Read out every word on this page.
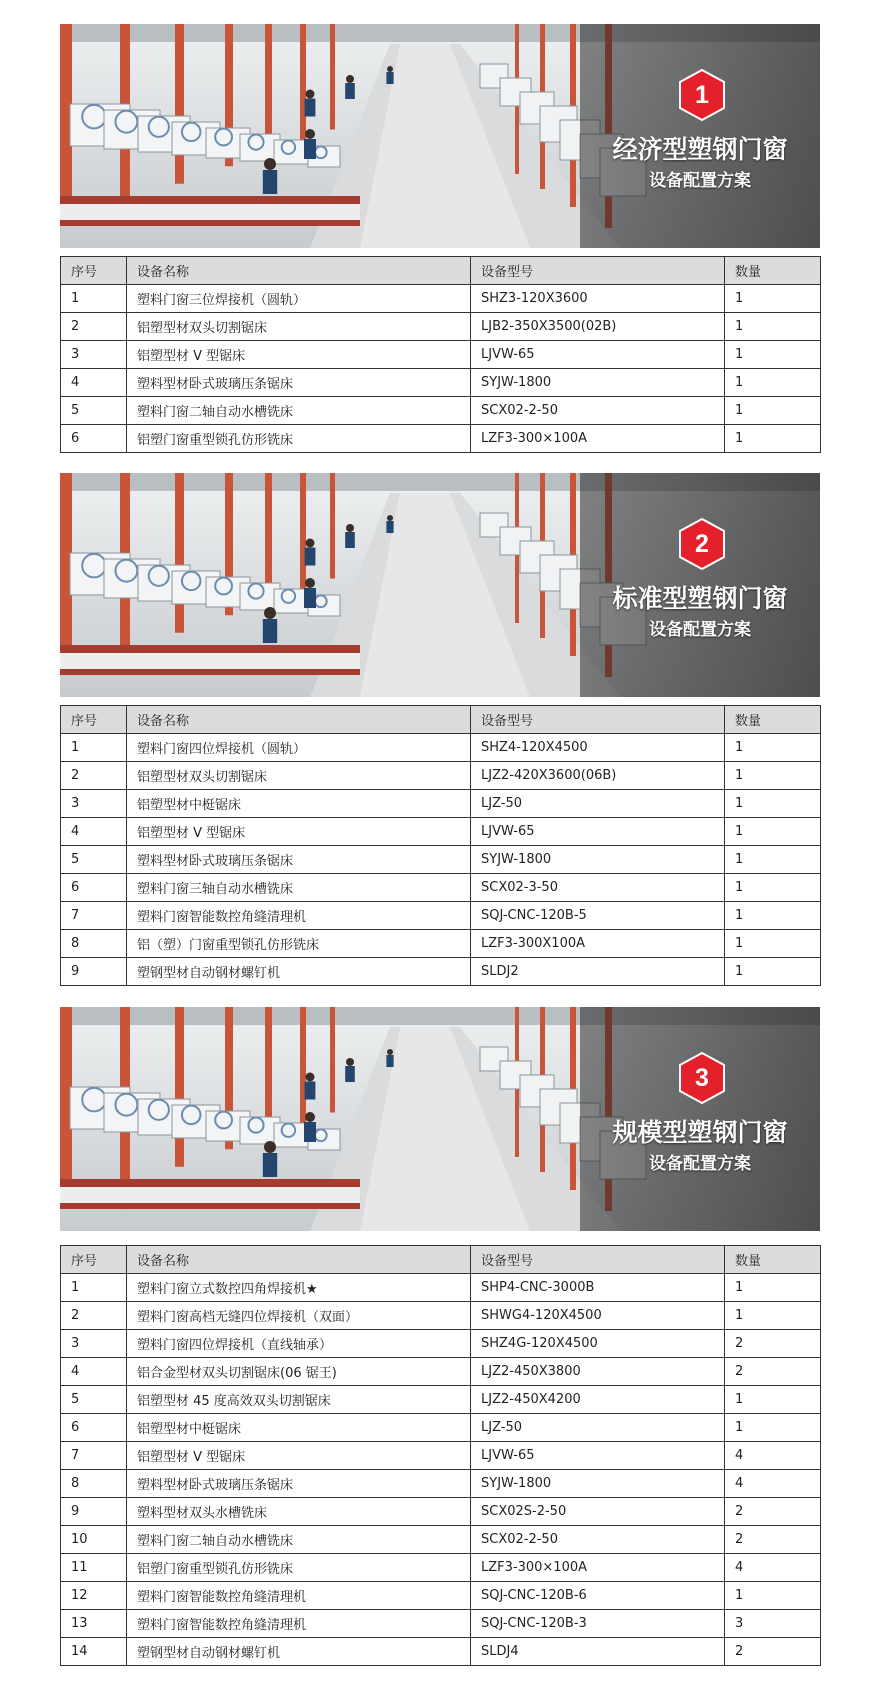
1
经济型塑钢门窗
设备配置方案
序号	设备名称	设备型号	数量
1	塑料门窗三位焊接机（圆轨）	SHZ3-120X3600	1
2	铝塑型材双头切割锯床	LJB2-350X3500(02B)	1
3	铝塑型材 V 型锯床	LJVW-65	1
4	塑料型材卧式玻璃压条锯床	SYJW-1800	1
5	塑料门窗二轴自动水槽铣床	SCX02-2-50	1
6	铝塑门窗重型锁孔仿形铣床	LZF3-300×100A	1
2
标准型塑钢门窗
设备配置方案
序号	设备名称	设备型号	数量
1	塑料门窗四位焊接机（圆轨）	SHZ4-120X4500	1
2	铝塑型材双头切割锯床	LJZ2-420X3600(06B)	1
3	铝塑型材中梃锯床	LJZ-50	1
4	铝塑型材 V 型锯床	LJVW-65	1
5	塑料型材卧式玻璃压条锯床	SYJW-1800	1
6	塑料门窗三轴自动水槽铣床	SCX02-3-50	1
7	塑料门窗智能数控角缝清理机	SQJ-CNC-120B-5	1
8	铝（塑）门窗重型锁孔仿形铣床	LZF3-300X100A	1
9	塑钢型材自动钢材螺钉机	SLDJ2	1
3
规模型塑钢门窗
设备配置方案
序号	设备名称	设备型号	数量
1	塑料门窗立式数控四角焊接机★	SHP4-CNC-3000B	1
2	塑料门窗高档无缝四位焊接机（双面）	SHWG4-120X4500	1
3	塑料门窗四位焊接机（直线轴承）	SHZ4G-120X4500	2
4	铝合金型材双头切割锯床(06 锯王)	LJZ2-450X3800	2
5	铝塑型材 45 度高效双头切割锯床	LJZ2-450X4200	1
6	铝塑型材中梃锯床	LJZ-50	1
7	铝塑型材 V 型锯床	LJVW-65	4
8	塑料型材卧式玻璃压条锯床	SYJW-1800	4
9	塑料型材双头水槽铣床	SCX02S-2-50	2
10	塑料门窗二轴自动水槽铣床	SCX02-2-50	2
11	铝塑门窗重型锁孔仿形铣床	LZF3-300×100A	4
12	塑料门窗智能数控角缝清理机	SQJ-CNC-120B-6	1
13	塑料门窗智能数控角缝清理机	SQJ-CNC-120B-3	3
14	塑钢型材自动钢材螺钉机	SLDJ4	2
